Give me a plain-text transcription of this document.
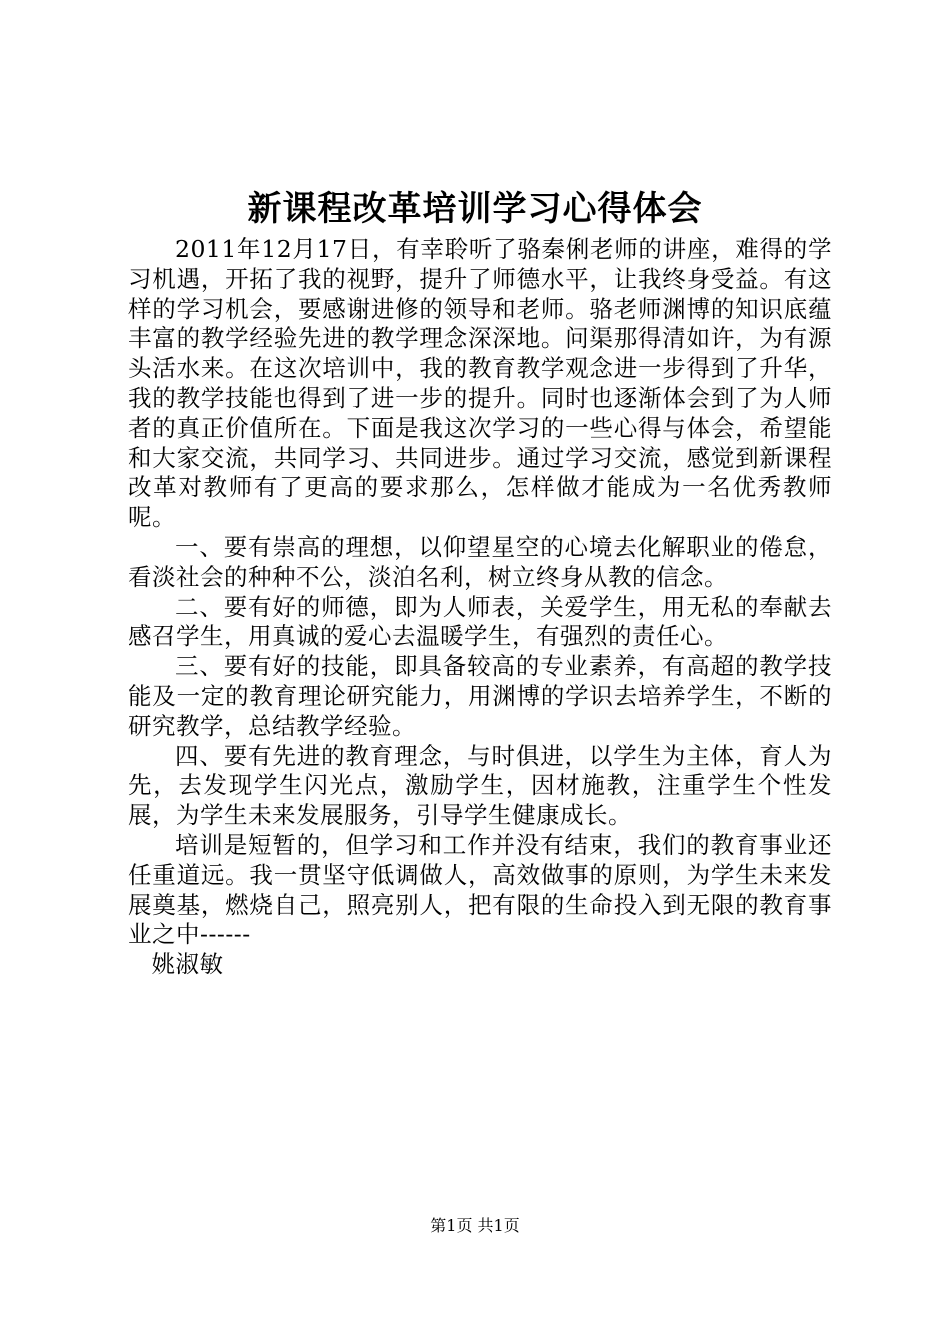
新课程改革培训学习心得体会

2011年12月17日，有幸聆听了骆秦俐老师的讲座，难得的学习机遇，开拓了我的视野，提升了师德水平，让我终身受益。有这样的学习机会，要感谢进修的领导和老师。骆老师渊博的知识底蕴丰富的教学经验先进的教学理念深深地。问渠那得清如许，为有源头活水来。在这次培训中，我的教育教学观念进一步得到了升华，我的教学技能也得到了进一步的提升。同时也逐渐体会到了为人师者的真正价值所在。下面是我这次学习的一些心得与体会，希望能和大家交流，共同学习、共同进步。通过学习交流，感觉到新课程改革对教师有了更高的要求那么，怎样做才能成为一名优秀教师呢。

一、要有崇高的理想，以仰望星空的心境去化解职业的倦怠，看淡社会的种种不公，淡泊名利，树立终身从教的信念。

二、要有好的师德，即为人师表，关爱学生，用无私的奉献去感召学生，用真诚的爱心去温暖学生，有强烈的责任心。

三、要有好的技能，即具备较高的专业素养，有高超的教学技能及一定的教育理论研究能力，用渊博的学识去培养学生，不断的研究教学，总结教学经验。

四、要有先进的教育理念，与时俱进，以学生为主体，育人为先，去发现学生闪光点，激励学生，因材施教，注重学生个性发展，为学生未来发展服务，引导学生健康成长。

培训是短暂的，但学习和工作并没有结束，我们的教育事业还任重道远。我一贯坚守低调做人，高效做事的原则，为学生未来发展奠基，燃烧自己，照亮别人，把有限的生命投入到无限的教育事业之中------

姚淑敏

第1页 共1页
